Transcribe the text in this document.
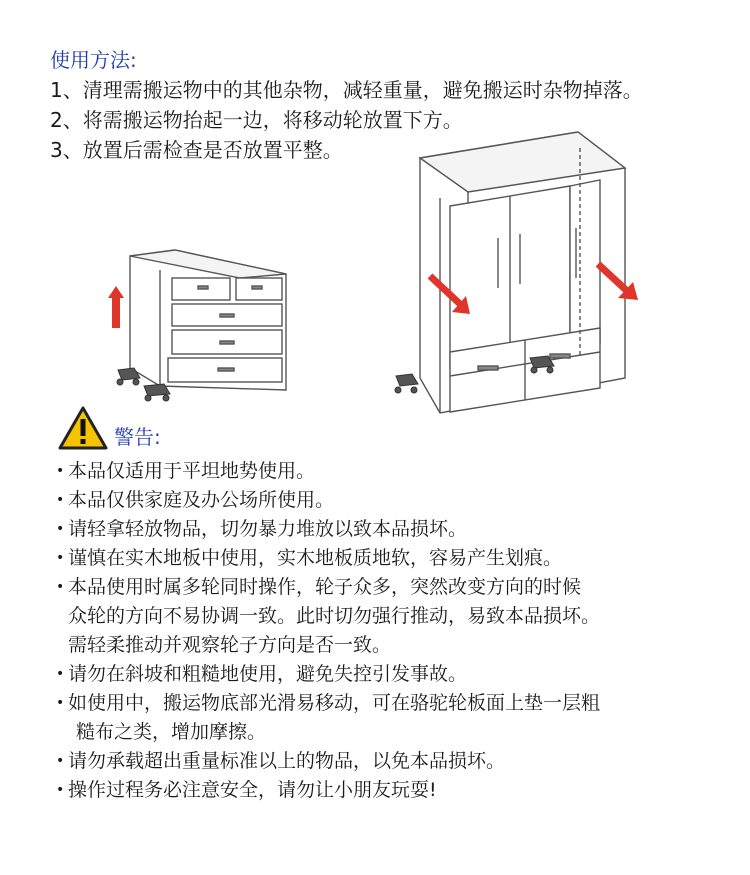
使用方法:
1、清理需搬运物中的其他杂物，减轻重量，避免搬运时杂物掉落。
2、将需搬运物抬起一边，将移动轮放置下方。
3、放置后需检查是否放置平整。
警告:
• 本品仅适用于平坦地势使用。
• 本品仅供家庭及办公场所使用。
• 请轻拿轻放物品，切勿暴力堆放以致本品损坏。
• 谨慎在实木地板中使用，实木地板质地软，容易产生划痕。
• 本品使用时属多轮同时操作，轮子众多，突然改变方向的时候
众轮的方向不易协调一致。此时切勿强行推动，易致本品损坏。
需轻柔推动并观察轮子方向是否一致。
• 请勿在斜坡和粗糙地使用，避免失控引发事故。
• 如使用中，搬运物底部光滑易移动，可在骆驼轮板面上垫一层粗
糙布之类，增加摩擦。
• 请勿承载超出重量标准以上的物品，以免本品损坏。
• 操作过程务必注意安全，请勿让小朋友玩耍!
